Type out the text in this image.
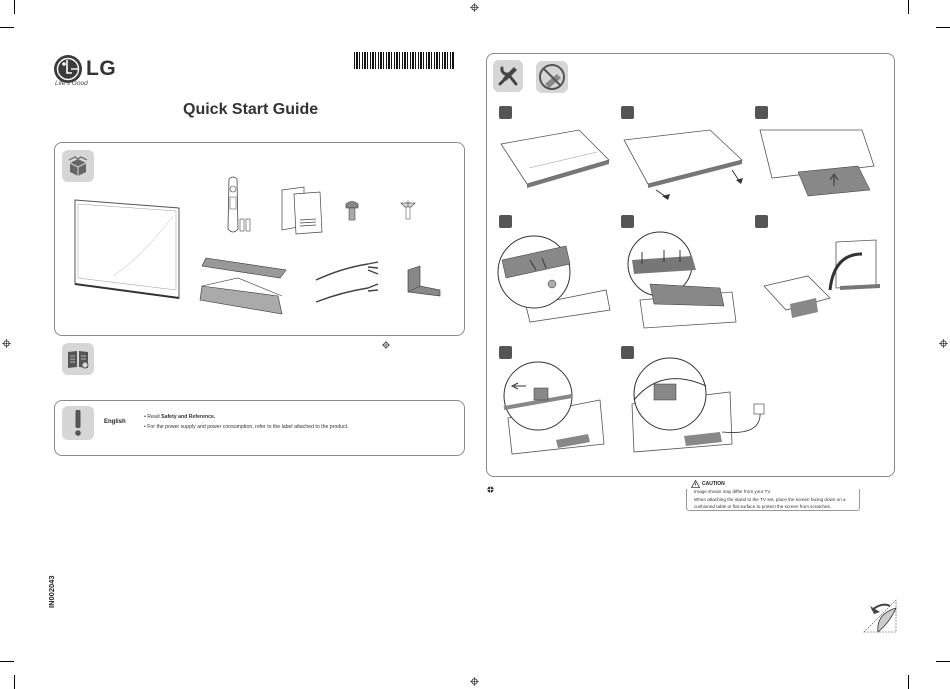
LG
Life's Good
Quick Start Guide
English
• Read Safety and Reference.
• For the power supply and power consumption, refer to the label attached to the product.
IN002043
CAUTION
Image shown may differ from your TV
When attaching the stand to the TV set, place the screen facing down on a
cushioned table or flat surface to protect the screen from scratches.
